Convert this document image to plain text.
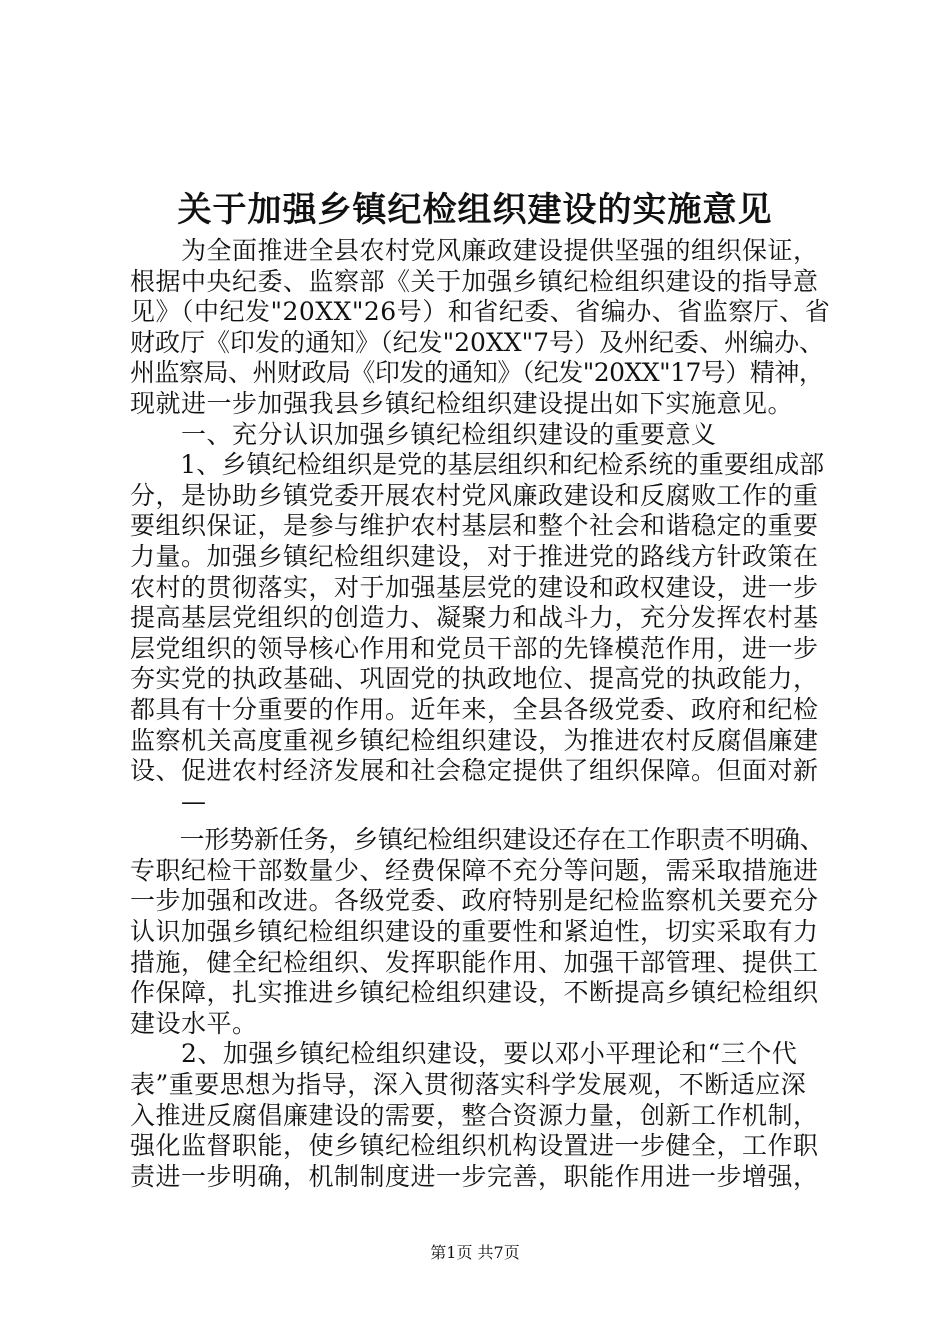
关于加强乡镇纪检组织建设的实施意见
　　为全面推进全县农村党风廉政建设提供坚强的组织保证，
根据中央纪委、监察部《关于加强乡镇纪检组织建设的指导意
见》（中纪发"20XX"26号）和省纪委、省编办、省监察厅、省
财政厅《印发的通知》（纪发"20XX"7号）及州纪委、州编办、
州监察局、州财政局《印发的通知》（纪发"20XX"17号）精神，
现就进一步加强我县乡镇纪检组织建设提出如下实施意见。
　　一、充分认识加强乡镇纪检组织建设的重要意义
　　1、乡镇纪检组织是党的基层组织和纪检系统的重要组成部
分，是协助乡镇党委开展农村党风廉政建设和反腐败工作的重
要组织保证，是参与维护农村基层和整个社会和谐稳定的重要
力量。加强乡镇纪检组织建设，对于推进党的路线方针政策在
农村的贯彻落实，对于加强基层党的建设和政权建设，进一步
提高基层党组织的创造力、凝聚力和战斗力，充分发挥农村基
层党组织的领导核心作用和党员干部的先锋模范作用，进一步
夯实党的执政基础、巩固党的执政地位、提高党的执政能力，
都具有十分重要的作用。近年来，全县各级党委、政府和纪检
监察机关高度重视乡镇纪检组织建设，为推进农村反腐倡廉建
设、促进农村经济发展和社会稳定提供了组织保障。但面对新
　　—
　　一形势新任务，乡镇纪检组织建设还存在工作职责不明确、
专职纪检干部数量少、经费保障不充分等问题，需采取措施进
一步加强和改进。各级党委、政府特别是纪检监察机关要充分
认识加强乡镇纪检组织建设的重要性和紧迫性，切实采取有力
措施，健全纪检组织、发挥职能作用、加强干部管理、提供工
作保障，扎实推进乡镇纪检组织建设，不断提高乡镇纪检组织
建设水平。
　　2、加强乡镇纪检组织建设，要以邓小平理论和“三个代
表”重要思想为指导，深入贯彻落实科学发展观，不断适应深
入推进反腐倡廉建设的需要，整合资源力量，创新工作机制，
强化监督职能，使乡镇纪检组织机构设置进一步健全，工作职
责进一步明确，机制制度进一步完善，职能作用进一步增强，
第1页 共7页
